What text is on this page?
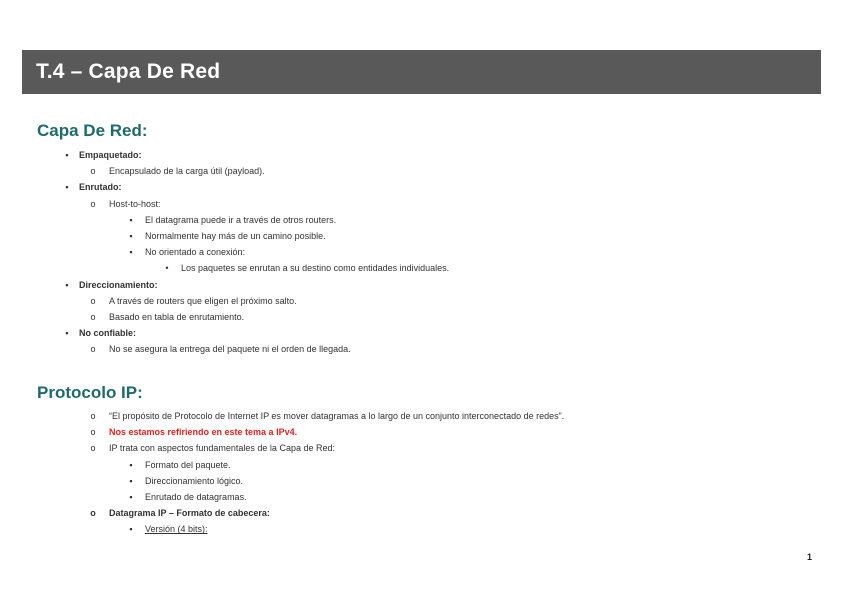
T.4 – Capa De Red
Capa De Red:
•	Empaquetado:
o	Encapsulado de la carga útil (payload).
•	Enrutado:
o	Host-to-host:
▪	El datagrama puede ir a través de otros routers.
▪	Normalmente hay más de un camino posible.
▪	No orientado a conexión:
•	Los paquetes se enrutan a su destino como entidades individuales.
•	Direccionamiento:
o	A través de routers que eligen el próximo salto.
o	Basado en tabla de enrutamiento.
•	No confiable:
o	No se asegura la entrega del paquete ni el orden de llegada.
Protocolo IP:
o	“El propósito de Protocolo de Internet IP es mover datagramas a lo largo de un conjunto interconectado de redes”.
o	Nos estamos refiriendo en este tema a IPv4.
o	IP trata con aspectos fundamentales de la Capa de Red:
▪	Formato del paquete.
▪	Direccionamiento lógico.
▪	Enrutado de datagramas.
o	Datagrama IP – Formato de cabecera:
▪	Versión (4 bits):
1
